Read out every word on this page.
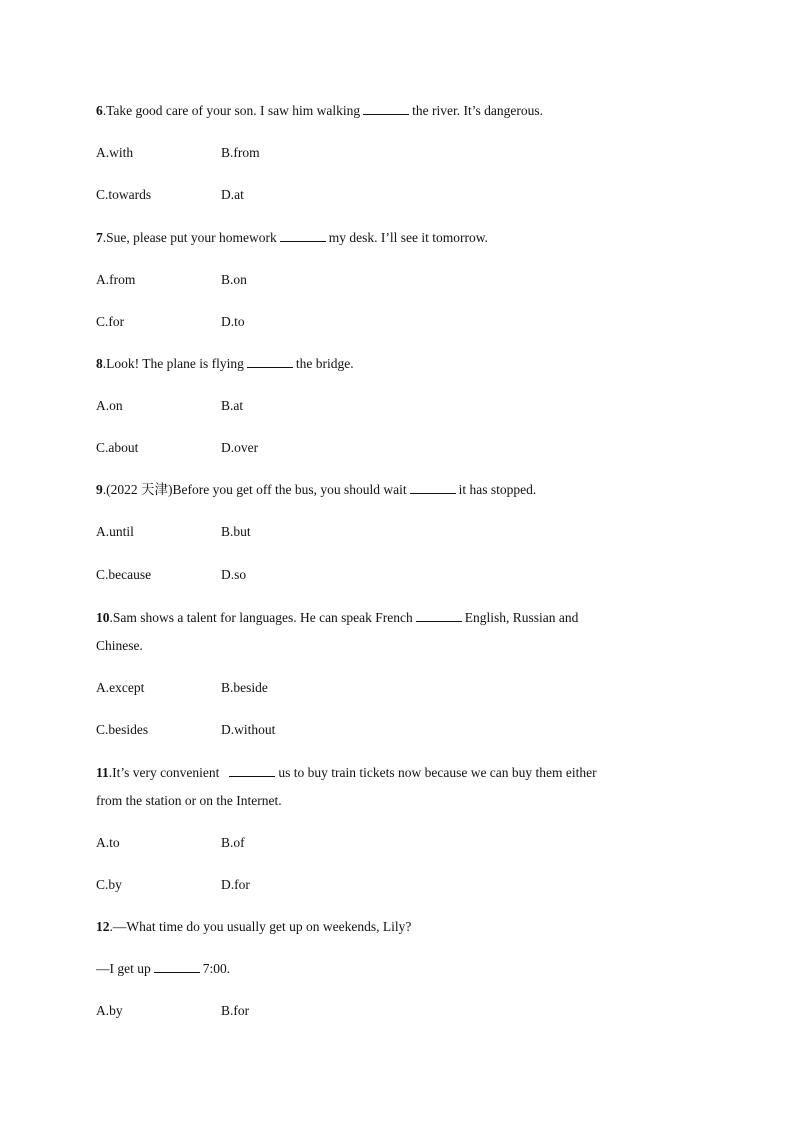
6.Take good care of your son. I saw him walking	the river. It’s dangerous.
A.with	B.from
C.towards	D.at
7.Sue, please put your homework	my desk. I’ll see it tomorrow.
A.from	B.on
C.for	D.to
8.Look! The plane is flying	the bridge.
A.on	B.at
C.about	D.over
9.(2022 天津)Before you get off the bus, you should wait	it has stopped.
A.until	B.but
C.because	D.so
10.Sam shows a talent for languages. He can speak French	English, Russian and
Chinese.
A.except	B.beside
C.besides	D.without
11.It’s very convenient	us to buy train tickets now because we can buy them either
from the station or on the Internet.
A.to	B.of
C.by	D.for
12.—What time do you usually get up on weekends, Lily?
—I get up	7:00.
A.by	B.for
